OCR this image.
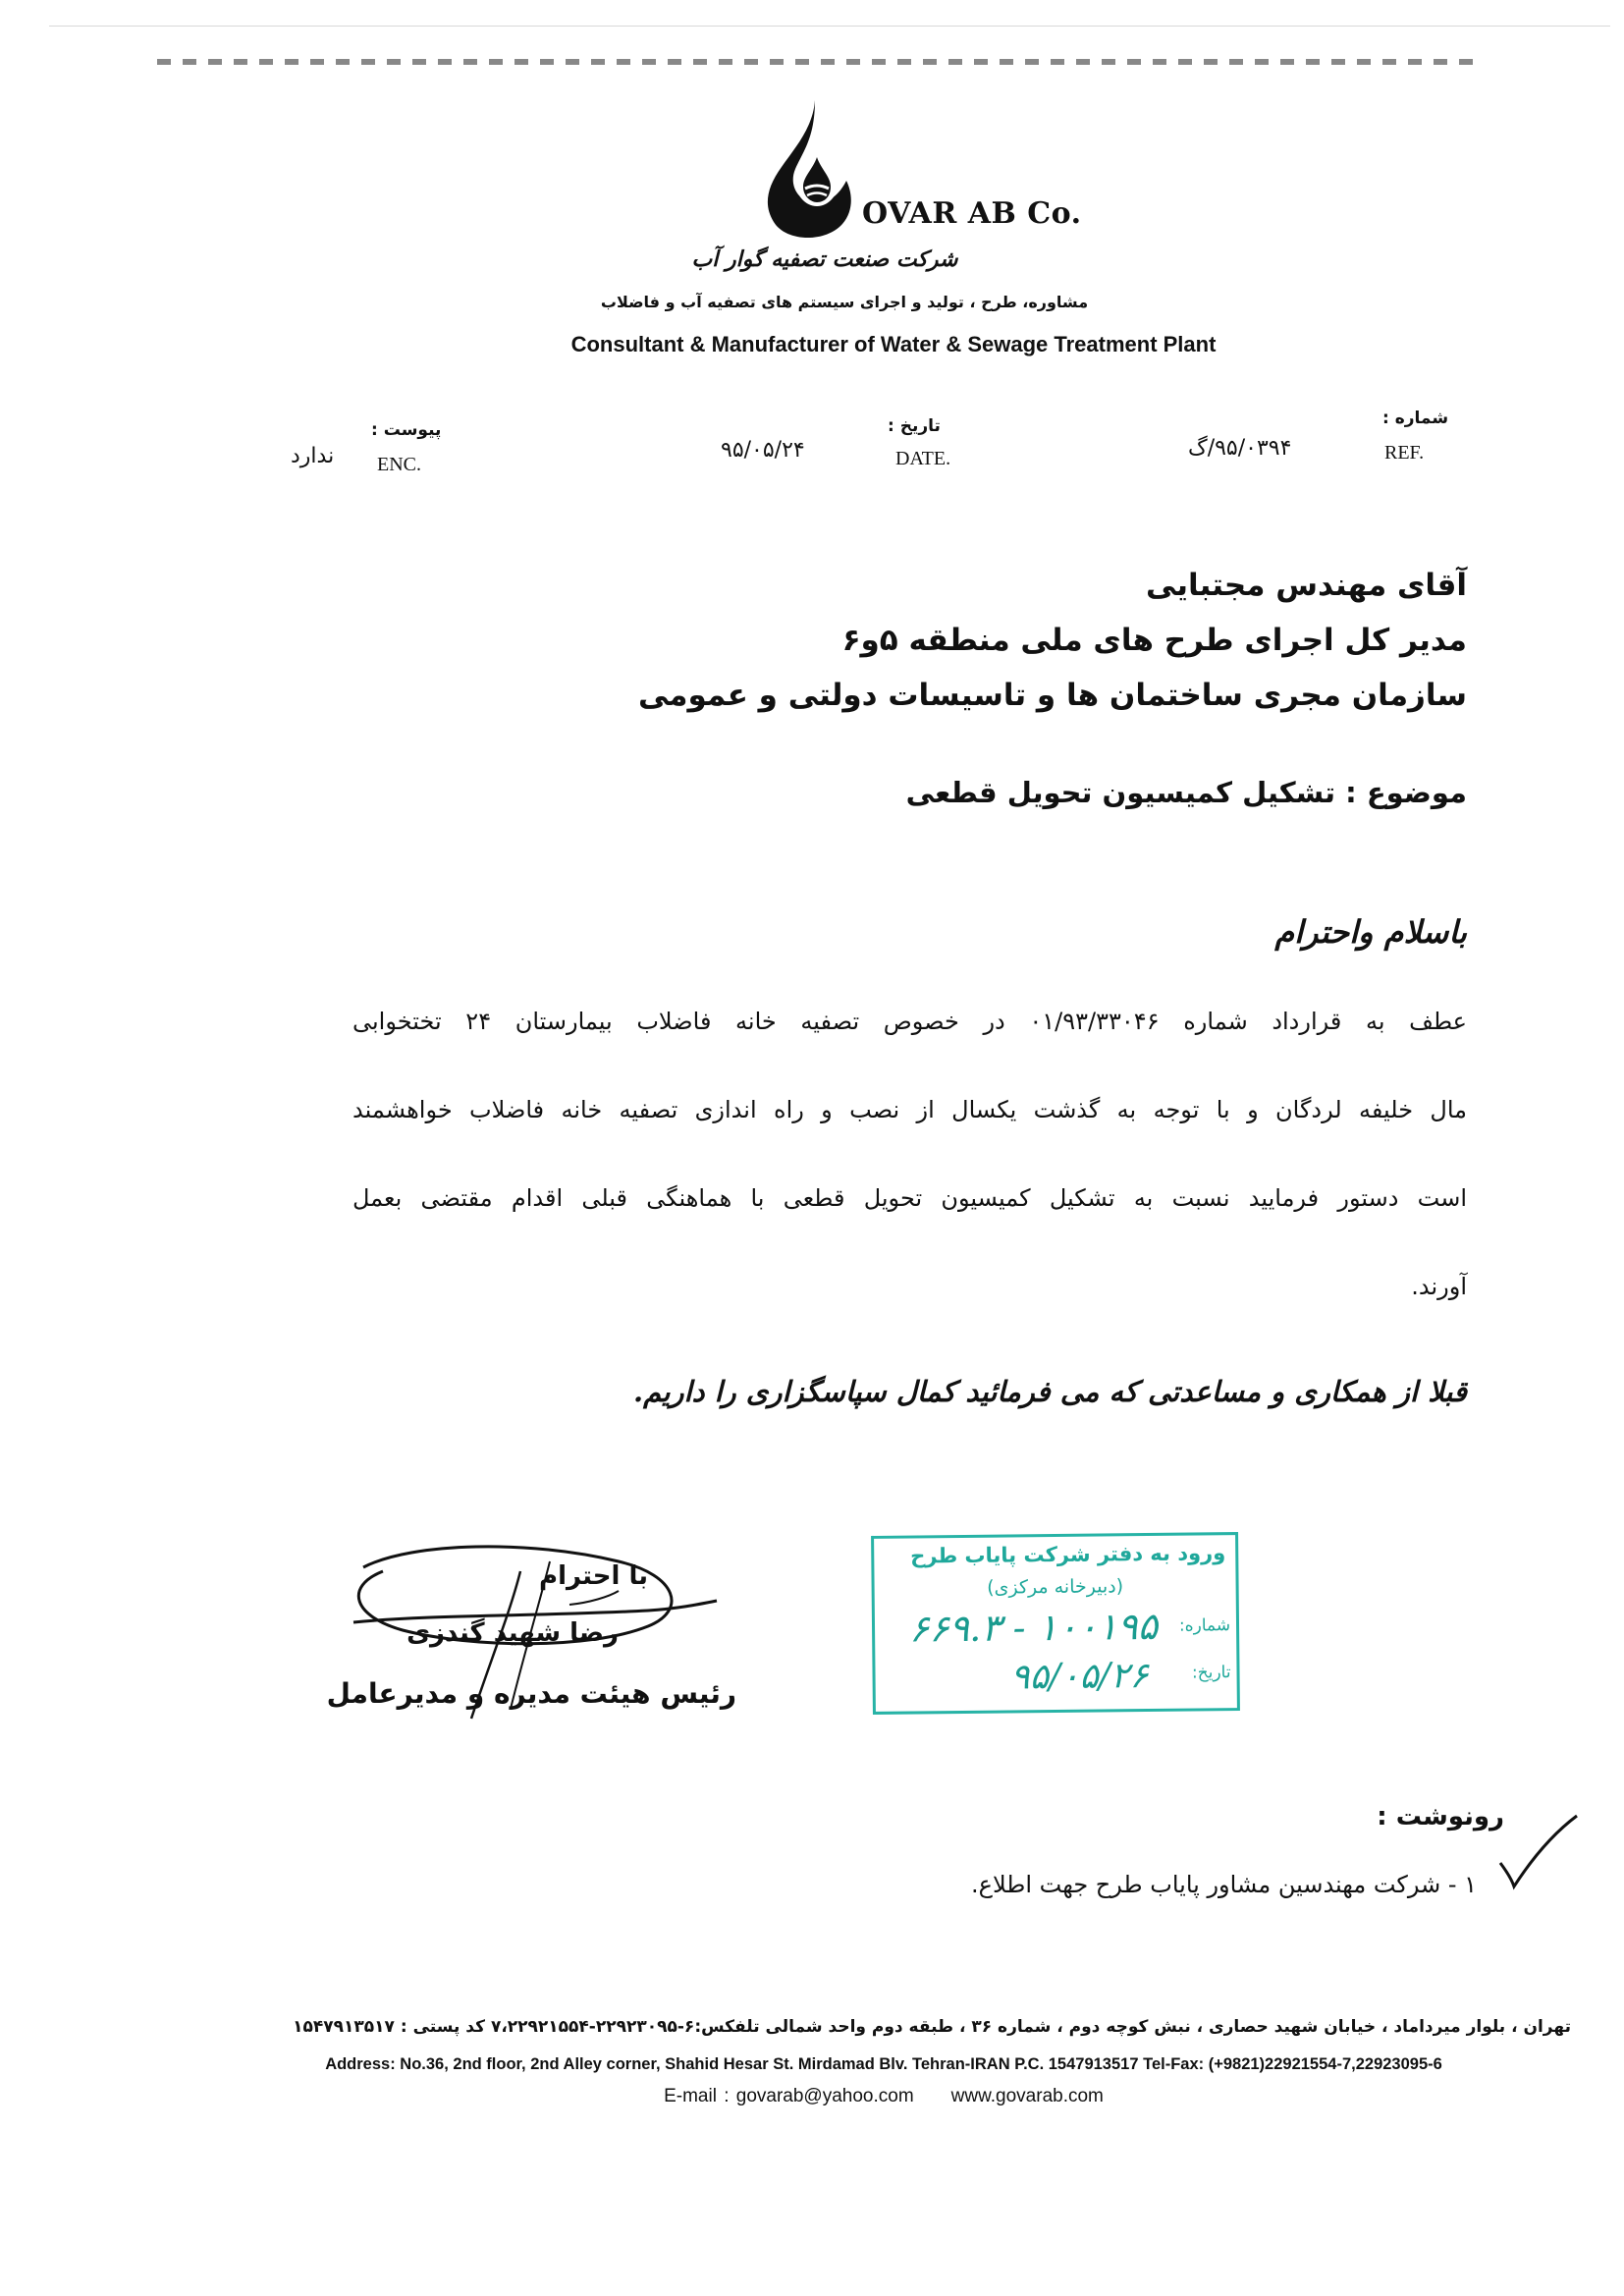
OVAR AB Co.
شرکت صنعت تصفیه گوار آب
مشاوره، طرح ، تولید و اجرای سیستم های تصفیه آب و فاضلاب
Consultant & Manufacturer of Water & Sewage Treatment Plant
شماره :
REF.
۹۵/۰۳۹۴/گ
تاریخ :
DATE.
۹۵/۰۵/۲۴
پیوست :
ENC.
ندارد
آقای مهندس مجتبایی
مدیر کل اجرای طرح های ملی منطقه ۵و۶
سازمان مجری ساختمان ها و تاسیسات دولتی و عمومی
موضوع : تشکیل کمیسیون تحویل قطعی
باسلام واحترام
عطف به قرارداد شماره ۰۱/۹۳/۳۳۰۴۶ در خصوص تصفیه خانه فاضلاب بیمارستان ۲۴ تختخوابی
مال خلیفه لردگان و با توجه به گذشت یکسال از نصب و راه اندازی تصفیه خانه فاضلاب خواهشمند
است دستور فرمایید نسبت به تشکیل کمیسیون تحویل قطعی با هماهنگی قبلی اقدام مقتضی بعمل
آورند.
قبلا از همکاری و مساعدتی که می فرمائید کمال سپاسگزاری را داریم.
ورود به دفتر شرکت پایاب طرح
(دبیرخانه مرکزی)
شماره:
۱۰۰۱۹۵ - ۶۶۹.۳
تاریخ:
۹۵/۰۵/۲۶
با احترام
رضا شهید گندزی
رئیس هیئت مدیره و مدیرعامل
رونوشت :
۱ - شرکت مهندسین مشاور پایاب طرح جهت اطلاع.
تهران ، بلوار میرداماد ، خیابان شهید حصاری ، نبش کوچه دوم ، شماره ۳۶ ، طبقه دوم واحد شمالی تلفکس:۶-۲۲۹۲۳۰۹۵-۷،۲۲۹۲۱۵۵۴ کد پستی : ۱۵۴۷۹۱۳۵۱۷
Address: No.36, 2nd floor, 2nd Alley corner, Shahid Hesar St. Mirdamad Blv. Tehran-IRAN P.C. 1547913517 Tel-Fax: (+9821)22921554-7,22923095-6
E-mail : govarab@yahoo.com www.govarab.com
